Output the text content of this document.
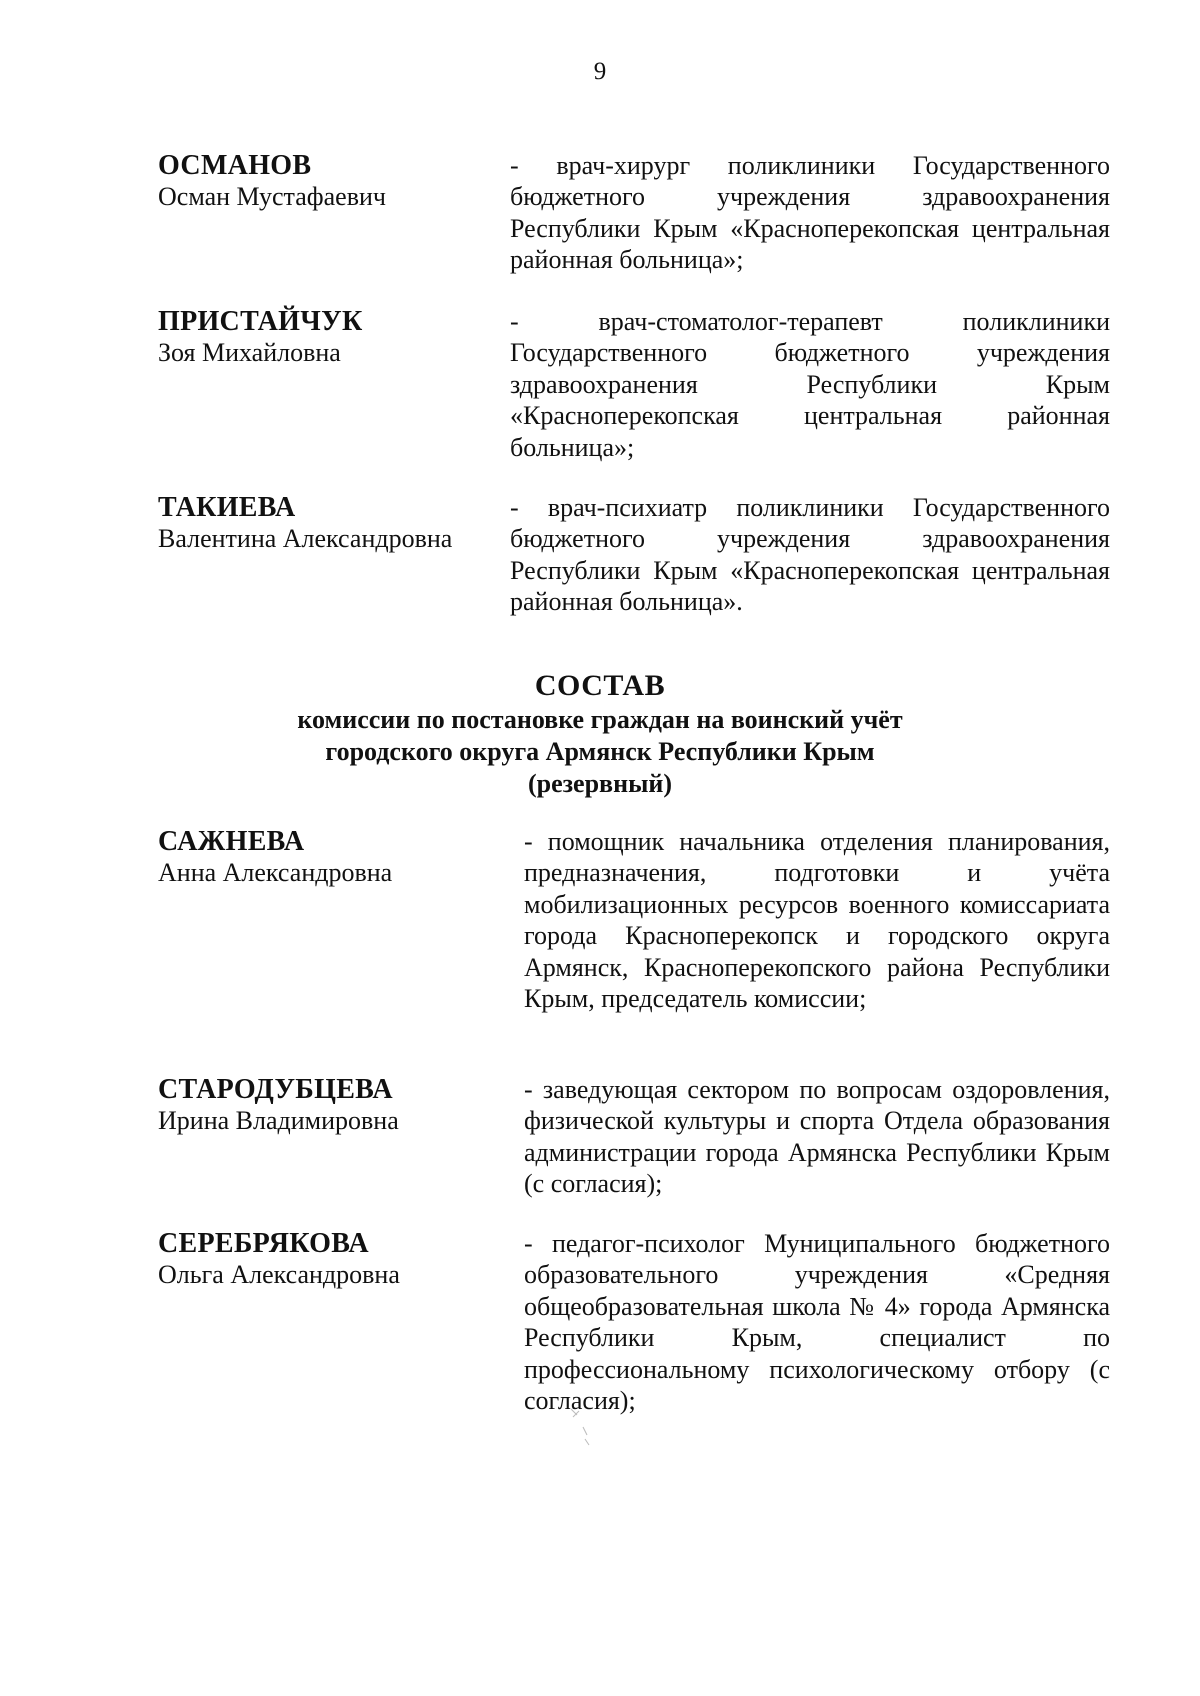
9
ОСМАНОВ
Осман Мустафаевич
- врач-хирург поликлиники Государственного бюджетного учреждения здравоохранения Республики Крым «Красноперекопская центральная районная больница»;
ПРИСТАЙЧУК
Зоя Михайловна
- врач-стоматолог-терапевт поликлиники Государственного бюджетного учреждения здравоохранения Республики Крым «Красноперекопская центральная районная больница»;
ТАКИЕВА
Валентина Александровна
- врач-психиатр поликлиники Государственного бюджетного учреждения здравоохранения Республики Крым «Красноперекопская центральная районная больница».
СОСТАВ
комиссии по постановке граждан на воинский учёт
городского округа Армянск Республики Крым
(резервный)
САЖНЕВА
Анна Александровна
- помощник начальника отделения планирования, предназначения, подготовки и учёта мобилизационных ресурсов военного комиссариата города Красноперекопск и городского округа Армянск, Красноперекопского района Республики Крым, председатель комиссии;
СТАРОДУБЦЕВА
Ирина Владимировна
- заведующая сектором по вопросам оздоровления, физической культуры и спорта Отдела образования администрации города Армянска Республики Крым (с согласия);
СЕРЕБРЯКОВА
Ольга Александровна
- педагог-психолог Муниципального бюджетного образовательного учреждения «Средняя общеобразовательная школа № 4» города Армянска Республики Крым, специалист по профессиональному психологическому отбору (с согласия);
